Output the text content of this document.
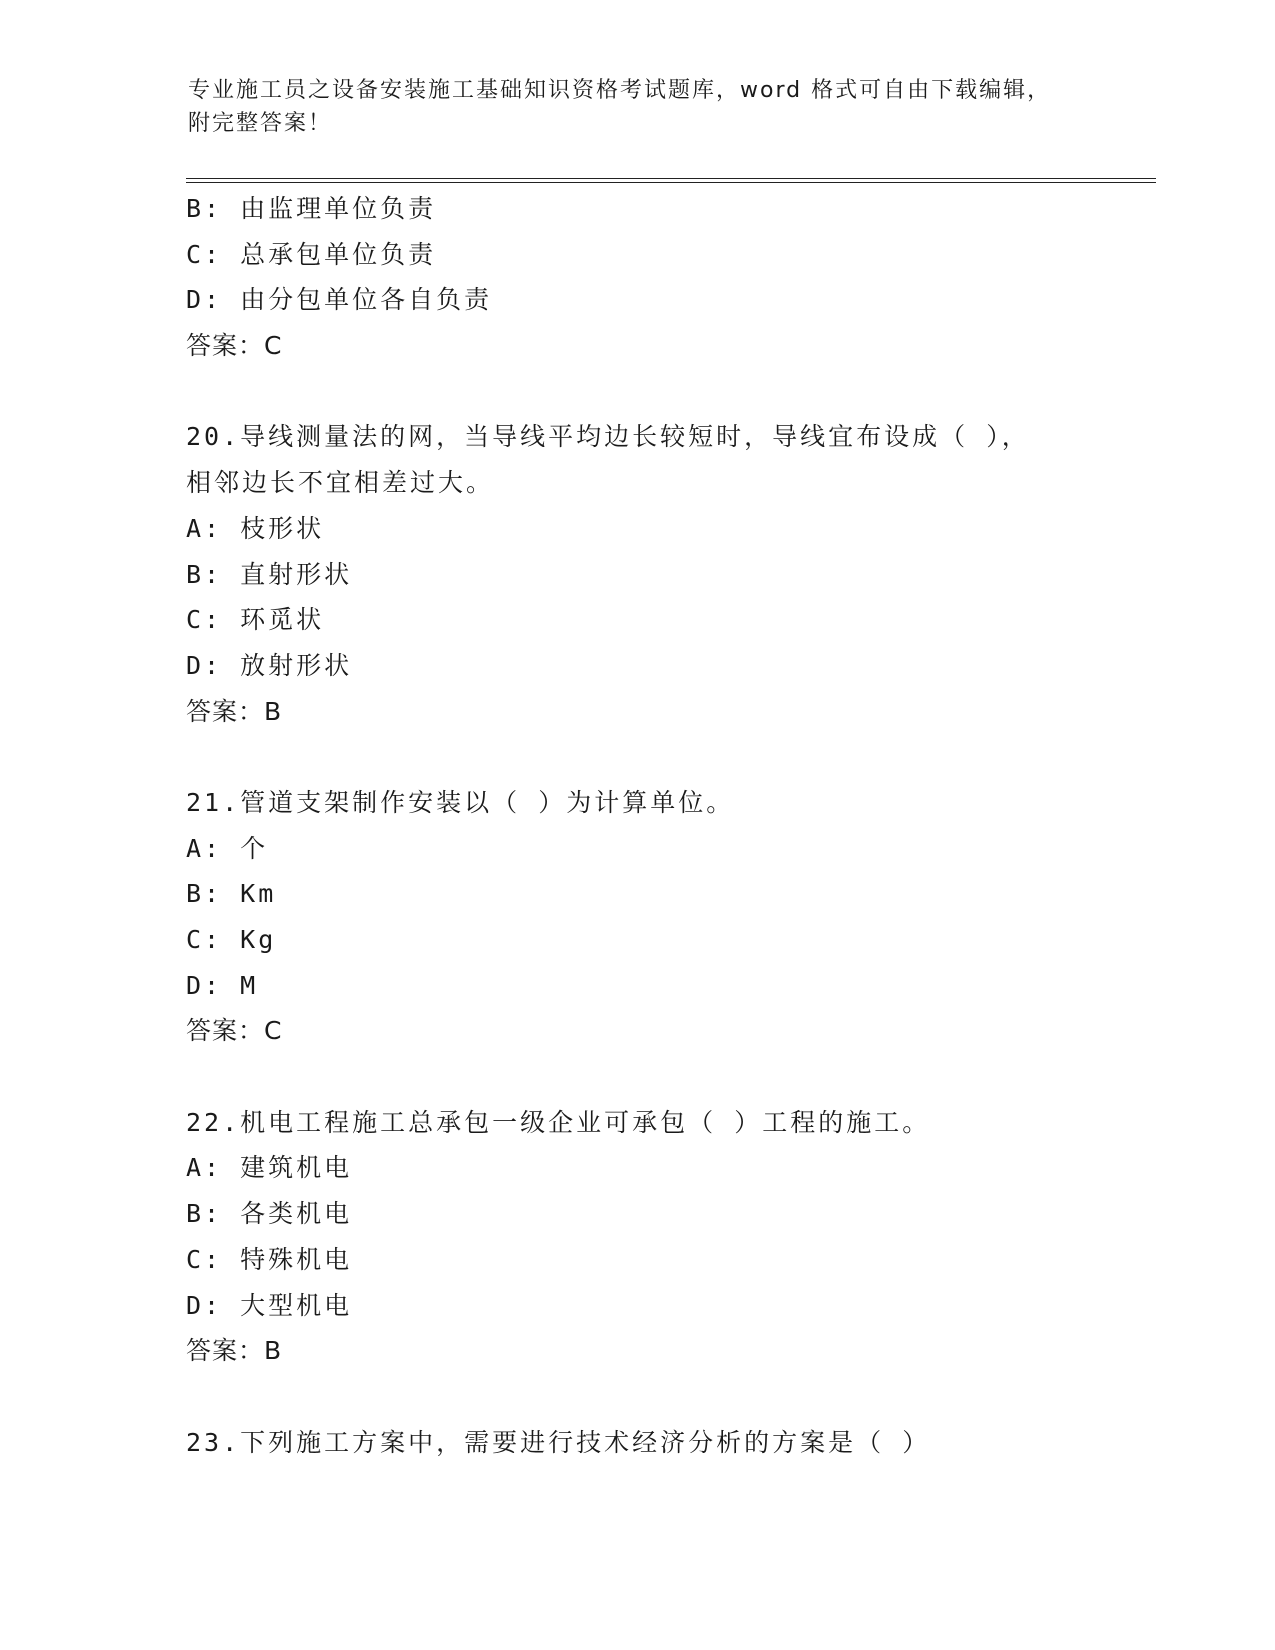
专业施工员之设备安装施工基础知识资格考试题库，word 格式可自由下载编辑，
附完整答案！
B: 由监理单位负责
C: 总承包单位负责
D: 由分包单位各自负责
答案：C
20.导线测量法的网，当导线平均边长较短时，导线宜布设成（ ），
相邻边长不宜相差过大。
A: 枝形状
B: 直射形状
C: 环觅状
D: 放射形状
答案：B
21.管道支架制作安装以（ ）为计算单位。
A: 个
B: Km
C: Kg
D: M
答案：C
22.机电工程施工总承包一级企业可承包（ ）工程的施工。
A: 建筑机电
B: 各类机电
C: 特殊机电
D: 大型机电
答案：B
23.下列施工方案中，需要进行技术经济分析的方案是（ ）
